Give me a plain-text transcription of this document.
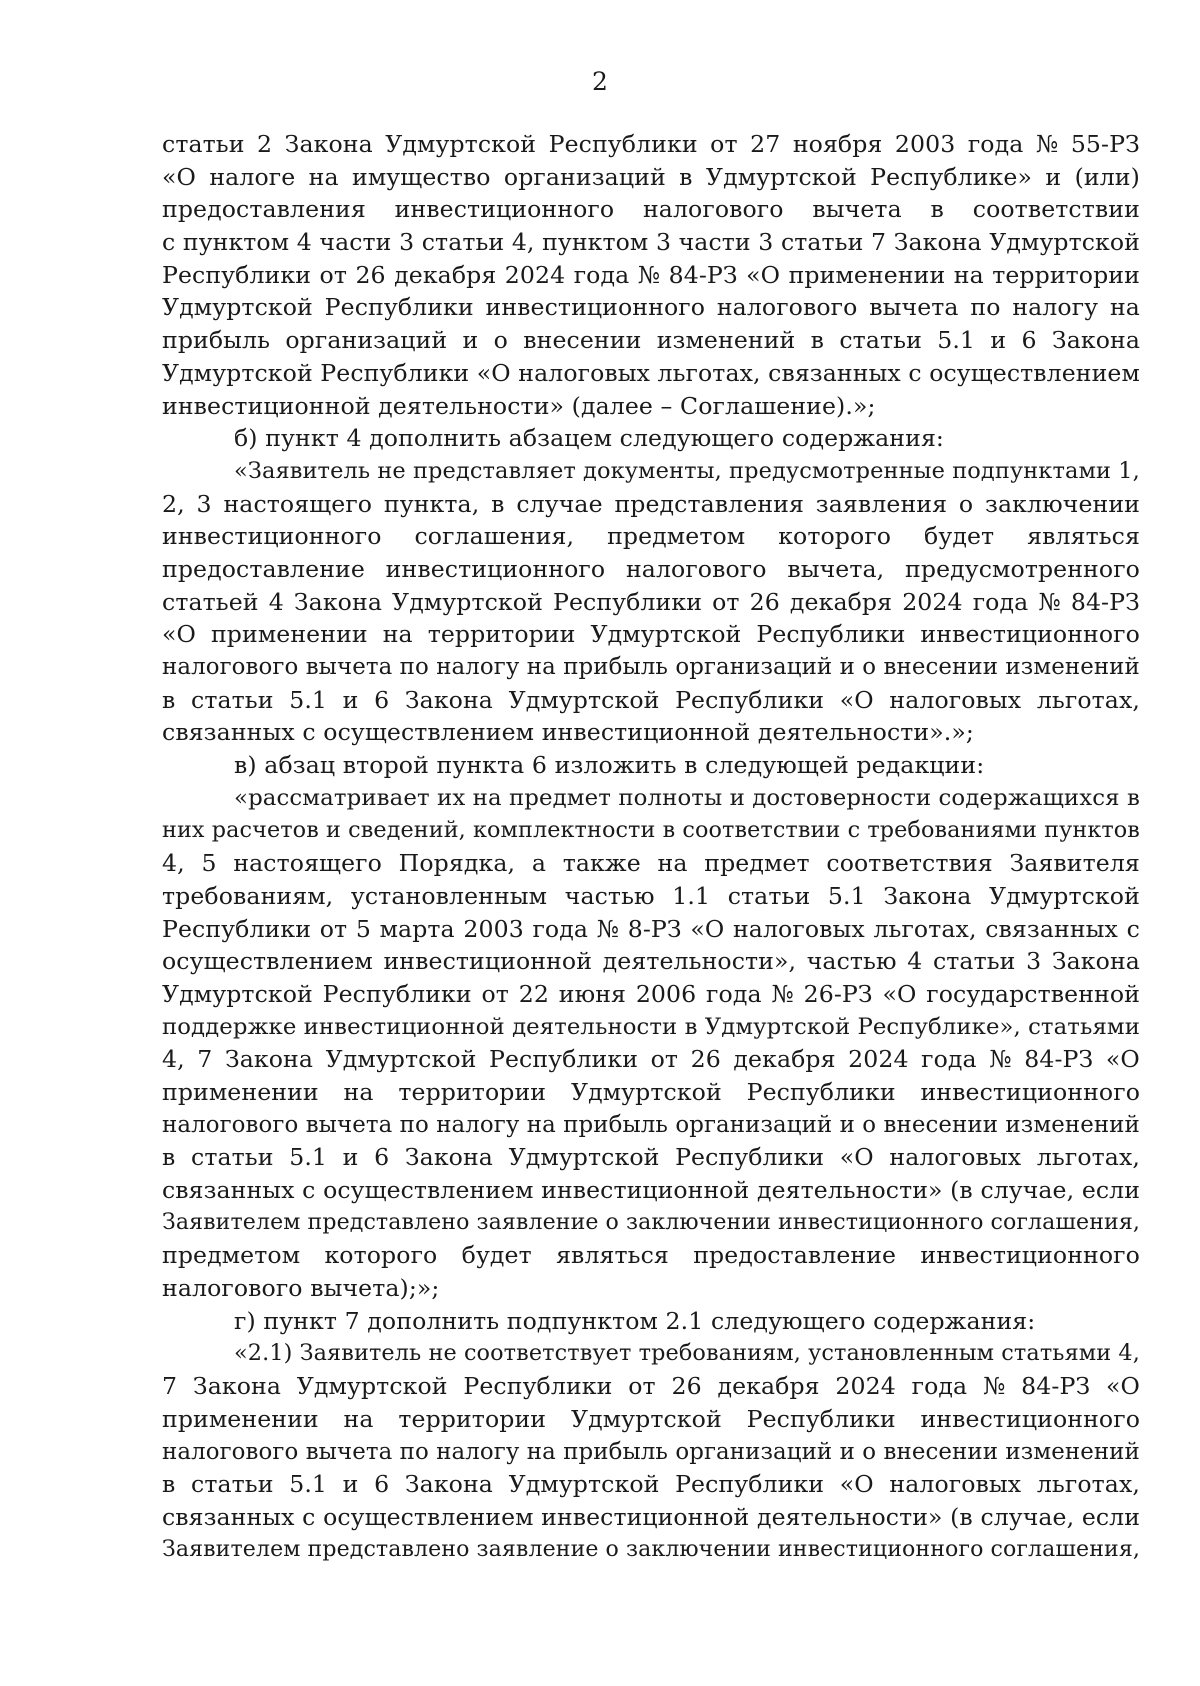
2
статьи 2 Закона Удмуртской Республики от 27 ноября 2003 года № 55-РЗ
«О налоге на имущество организаций в Удмуртской Республике» и (или)
предоставления инвестиционного налогового вычета в соответствии
с пунктом 4 части 3 статьи 4, пунктом 3 части 3 статьи 7 Закона Удмуртской
Республики от 26 декабря 2024 года № 84-РЗ «О применении на территории
Удмуртской Республики инвестиционного налогового вычета по налогу на
прибыль организаций и о внесении изменений в статьи 5.1 и 6 Закона
Удмуртской Республики «О налоговых льготах, связанных с осуществлением
инвестиционной деятельности» (далее – Соглашение).»;
б) пункт 4 дополнить абзацем следующего содержания:
«Заявитель не представляет документы, предусмотренные подпунктами 1,
2, 3 настоящего пункта, в случае представления заявления о заключении
инвестиционного соглашения, предметом которого будет являться
предоставление инвестиционного налогового вычета, предусмотренного
статьей 4 Закона Удмуртской Республики от 26 декабря 2024 года № 84-РЗ
«О применении на территории Удмуртской Республики инвестиционного
налогового вычета по налогу на прибыль организаций и о внесении изменений
в статьи 5.1 и 6 Закона Удмуртской Республики «О налоговых льготах,
связанных с осуществлением инвестиционной деятельности».»;
в) абзац второй пункта 6 изложить в следующей редакции:
«рассматривает их на предмет полноты и достоверности содержащихся в
них расчетов и сведений, комплектности в соответствии с требованиями пунктов
4, 5 настоящего Порядка, а также на предмет соответствия Заявителя
требованиям, установленным частью 1.1 статьи 5.1 Закона Удмуртской
Республики от 5 марта 2003 года № 8-РЗ «О налоговых льготах, связанных с
осуществлением инвестиционной деятельности», частью 4 статьи 3 Закона
Удмуртской Республики от 22 июня 2006 года № 26-РЗ «О государственной
поддержке инвестиционной деятельности в Удмуртской Республике», статьями
4, 7 Закона Удмуртской Республики от 26 декабря 2024 года № 84-РЗ «О
применении на территории Удмуртской Республики инвестиционного
налогового вычета по налогу на прибыль организаций и о внесении изменений
в статьи 5.1 и 6 Закона Удмуртской Республики «О налоговых льготах,
связанных с осуществлением инвестиционной деятельности» (в случае, если
Заявителем представлено заявление о заключении инвестиционного соглашения,
предметом которого будет являться предоставление инвестиционного
налогового вычета);»;
г) пункт 7 дополнить подпунктом 2.1 следующего содержания:
«2.1) Заявитель не соответствует требованиям, установленным статьями 4,
7 Закона Удмуртской Республики от 26 декабря 2024 года № 84-РЗ «О
применении на территории Удмуртской Республики инвестиционного
налогового вычета по налогу на прибыль организаций и о внесении изменений
в статьи 5.1 и 6 Закона Удмуртской Республики «О налоговых льготах,
связанных с осуществлением инвестиционной деятельности» (в случае, если
Заявителем представлено заявление о заключении инвестиционного соглашения,
